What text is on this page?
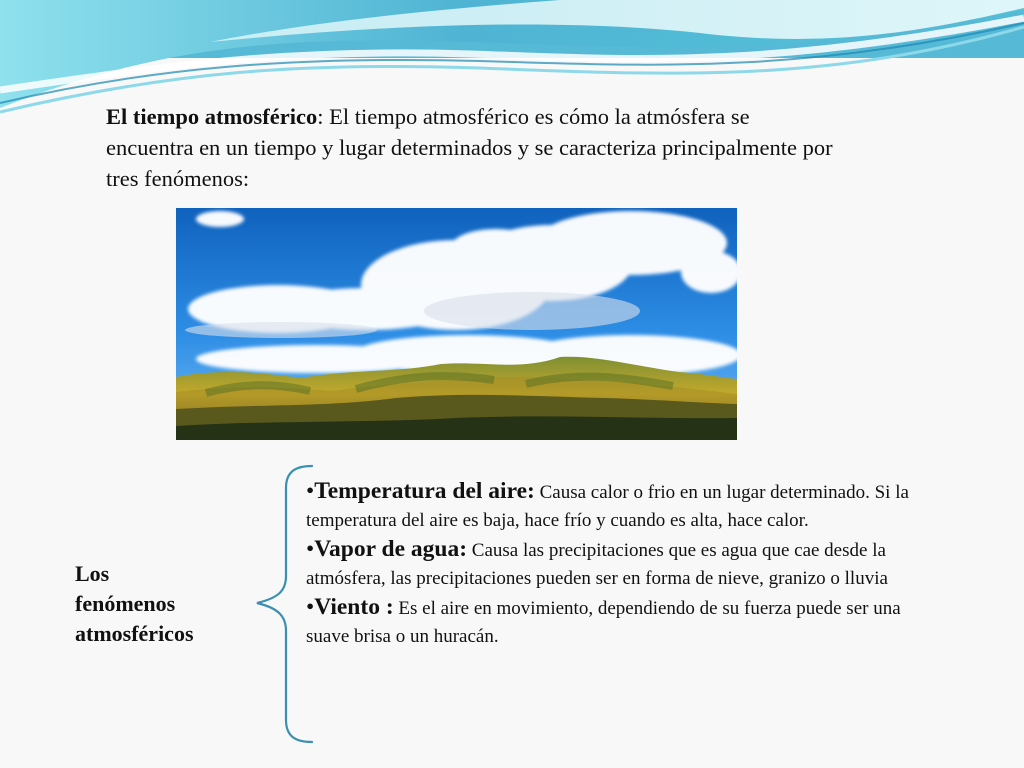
El tiempo atmosférico: El tiempo atmosférico es cómo la atmósfera se encuentra en un tiempo y lugar determinados y se caracteriza principalmente por tres fenómenos:
Los
fenómenos
atmosféricos

•Temperatura del aire: Causa calor o frio en un lugar determinado. Si la temperatura del aire es baja, hace frío y cuando es alta, hace calor.

•Vapor de agua: Causa las precipitaciones que es agua que cae desde la atmósfera, las precipitaciones pueden ser en forma de nieve, granizo o lluvia

•Viento : Es el aire en movimiento, dependiendo de su fuerza puede ser una suave brisa o un huracán.
